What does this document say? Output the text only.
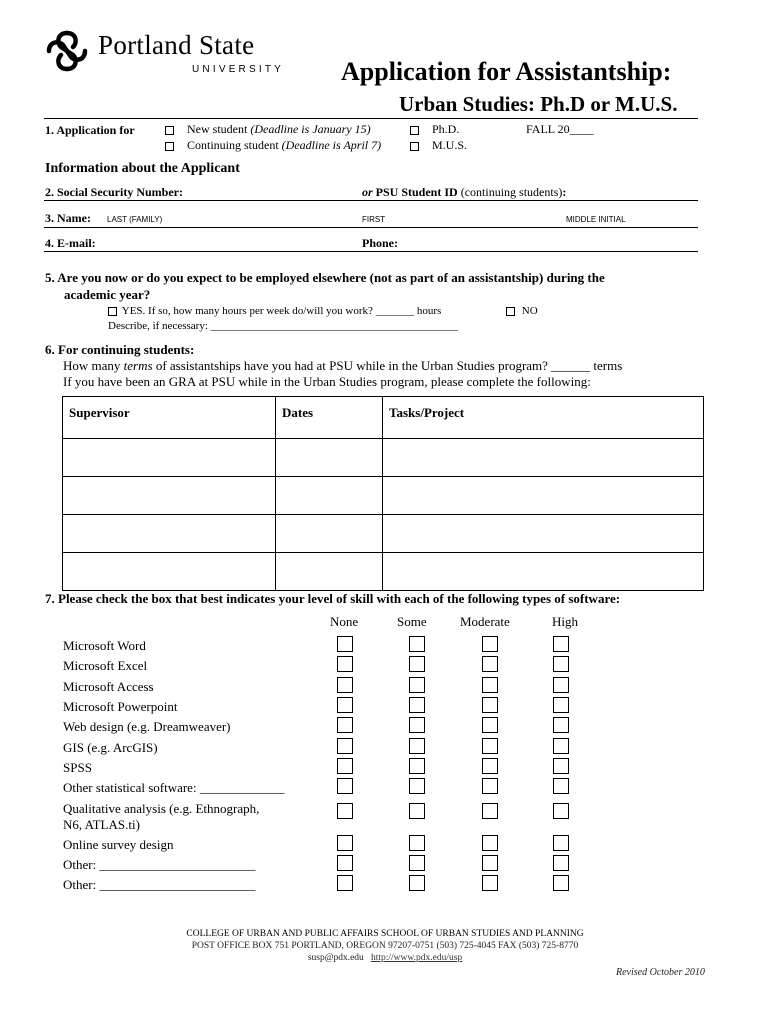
Portland State
UNIVERSITY Application for Assistantship:
Urban Studies: Ph.D or M.U.S.
1. Application for	New student (Deadline is January 15)
Continuing student (Deadline is April 7)
Ph.D.
M.U.S.
FALL 20____
Information about the Applicant
2. Social Security Number:	or PSU Student ID (continuing students):
3. Name: LAST (FAMILY)	FIRST	MIDDLE INITIAL
4. E-mail:	Phone:
5. Are you now or do you expect to be employed elsewhere (not as part of an assistantship) during the
academic year?
YES. If so, how many hours per week do/will you work? _______ hours	NO
Describe, if necessary: _____________________________________________
6. For continuing students:
How many terms of assistantships have you had at PSU while in the Urban Studies program? ______ terms
If you have been an GRA at PSU while in the Urban Studies program, please complete the following:
Supervisor	Dates	Tasks/Project

7. Please check the box that best indicates your level of skill with each of the following types of software:
None	Some	Moderate	High
Microsoft Word
Microsoft Excel
Microsoft Access
Microsoft Powerpoint
Web design (e.g. Dreamweaver)
GIS (e.g. ArcGIS)
SPSS
Other statistical software: _____________
Qualitative analysis (e.g. Ethnograph,
N6, ATLAS.ti)
Online survey design
Other: ________________________
Other: ________________________
COLLEGE OF URBAN AND PUBLIC AFFAIRS SCHOOL OF URBAN STUDIES AND PLANNING
POST OFFICE BOX 751 PORTLAND, OREGON 97207-0751 (503) 725-4045 FAX (503) 725-8770
susp@pdx.edu http://www.pdx.edu/usp
Revised October 2010
